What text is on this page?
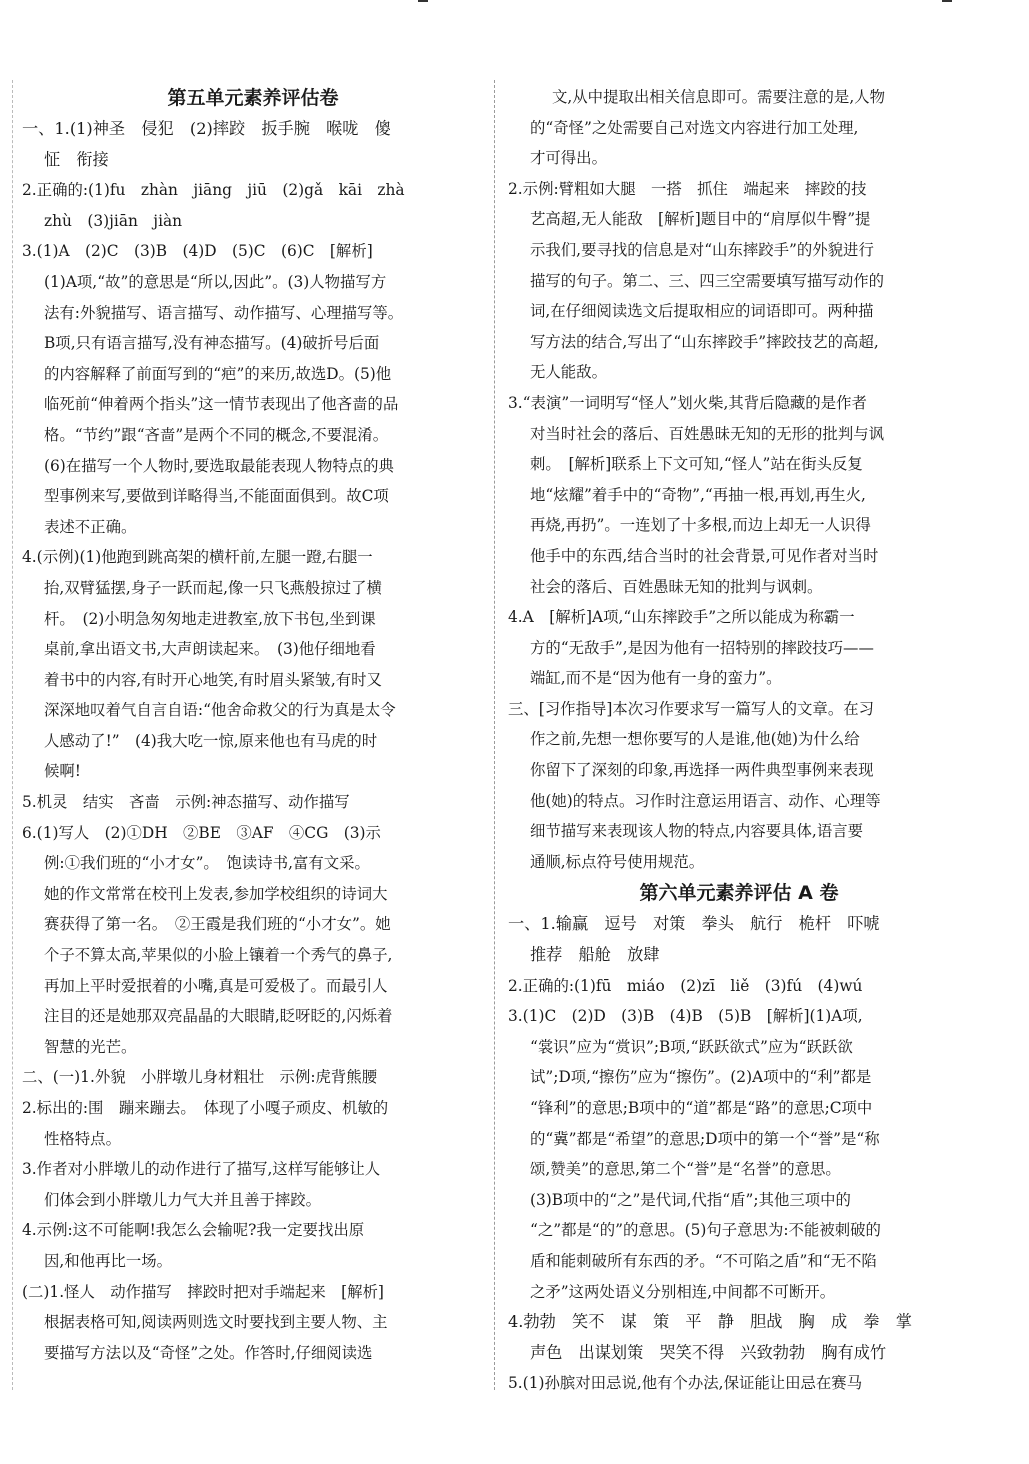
第五单元素养评估卷

一、1.(1)神圣　侵犯　(2)摔跤　扳手腕　喉咙　傻

怔　衔接

2.正确的:(1)fu　zhàn　jiāng　jiū　(2)gǎ　kāi　zhà

zhù　(3)jiān　jiàn

3.(1)A　(2)C　(3)B　(4)D　(5)C　(6)C　[解析]

(1)A项,“故”的意思是“所以,因此”。(3)人物描写方

法有:外貌描写、语言描写、动作描写、心理描写等。

B项,只有语言描写,没有神态描写。(4)破折号后面

的内容解释了前面写到的“疤”的来历,故选D。(5)他

临死前“伸着两个指头”这一情节表现出了他吝啬的品

格。“节约”跟“吝啬”是两个不同的概念,不要混淆。

(6)在描写一个人物时,要选取最能表现人物特点的典

型事例来写,要做到详略得当,不能面面俱到。故C项

表述不正确。

4.(示例)(1)他跑到跳高架的横杆前,左腿一蹬,右腿一

抬,双臂猛摆,身子一跃而起,像一只飞燕般掠过了横

杆。　(2)小明急匆匆地走进教室,放下书包,坐到课

桌前,拿出语文书,大声朗读起来。　(3)他仔细地看

着书中的内容,有时开心地笑,有时眉头紧皱,有时又

深深地叹着气自言自语:“他舍命救父的行为真是太令

人感动了!”　(4)我大吃一惊,原来他也有马虎的时

候啊!

5.机灵　结实　吝啬　示例:神态描写、动作描写

6.(1)写人　(2)①DH　②BE　③AF　④CG　(3)示

例:①我们班的“小才女”。　饱读诗书,富有文采。

她的作文常常在校刊上发表,参加学校组织的诗词大

赛获得了第一名。　②王霞是我们班的“小才女”。她

个子不算太高,苹果似的小脸上镶着一个秀气的鼻子,

再加上平时爱抿着的小嘴,真是可爱极了。而最引人

注目的还是她那双亮晶晶的大眼睛,眨呀眨的,闪烁着

智慧的光芒。

二、(一)1.外貌　小胖墩儿身材粗壮　示例:虎背熊腰

2.标出的:围　蹦来蹦去。　体现了小嘎子顽皮、机敏的

性格特点。

3.作者对小胖墩儿的动作进行了描写,这样写能够让人

们体会到小胖墩儿力气大并且善于摔跤。

4.示例:这不可能啊!我怎么会输呢?我一定要找出原

因,和他再比一场。

(二)1.怪人　动作描写　摔跤时把对手端起来　[解析]

根据表格可知,阅读两则选文时要找到主要人物、主

要描写方法以及“奇怪”之处。作答时,仔细阅读选

文,从中提取出相关信息即可。需要注意的是,人物

的“奇怪”之处需要自己对选文内容进行加工处理,

才可得出。

2.示例:臂粗如大腿　一搭　抓住　端起来　摔跤的技

艺高超,无人能敌　[解析]题目中的“肩厚似牛臀”提

示我们,要寻找的信息是对“山东摔跤手”的外貌进行

描写的句子。第二、三、四三空需要填写描写动作的

词,在仔细阅读选文后提取相应的词语即可。两种描

写方法的结合,写出了“山东摔跤手”摔跤技艺的高超,

无人能敌。

3.“表演”一词明写“怪人”划火柴,其背后隐藏的是作者

对当时社会的落后、百姓愚昧无知的无形的批判与讽

刺。　[解析]联系上下文可知,“怪人”站在街头反复

地“炫耀”着手中的“奇物”,“再抽一根,再划,再生火,

再烧,再扔”。一连划了十多根,而边上却无一人识得

他手中的东西,结合当时的社会背景,可见作者对当时

社会的落后、百姓愚昧无知的批判与讽刺。

4.A　[解析]A项,“山东摔跤手”之所以能成为称霸一

方的“无敌手”,是因为他有一招特别的摔跤技巧——

端缸,而不是“因为他有一身的蛮力”。

三、[习作指导]本次习作要求写一篇写人的文章。在习

作之前,先想一想你要写的人是谁,他(她)为什么给

你留下了深刻的印象,再选择一两件典型事例来表现

他(她)的特点。习作时注意运用语言、动作、心理等

细节描写来表现该人物的特点,内容要具体,语言要

通顺,标点符号使用规范。

第六单元素养评估 A 卷

一、1.输赢　逗号　对策　拳头　航行　桅杆　吓唬

推荐　船舱　放肆

2.正确的:(1)fū　miáo　(2)zī　liě　(3)fú　(4)wú

3.(1)C　(2)D　(3)B　(4)B　(5)B　[解析](1)A项,

“裳识”应为“赏识”;B项,“跃跃欲式”应为“跃跃欲

试”;D项,“擦伤”应为“擦伤”。(2)A项中的“利”都是

“锋利”的意思;B项中的“道”都是“路”的意思;C项中

的“冀”都是“希望”的意思;D项中的第一个“誉”是“称

颂,赞美”的意思,第二个“誉”是“名誉”的意思。

(3)B项中的“之”是代词,代指“盾”;其他三项中的

“之”都是“的”的意思。(5)句子意思为:不能被刺破的

盾和能刺破所有东西的矛。“不可陷之盾”和“无不陷

之矛”这两处语义分别相连,中间都不可断开。

4.勃勃　笑不　谋　策　平　静　胆战　胸　成　拳　掌

声色　出谋划策　哭笑不得　兴致勃勃　胸有成竹

5.(1)孙膑对田忌说,他有个办法,保证能让田忌在赛马
